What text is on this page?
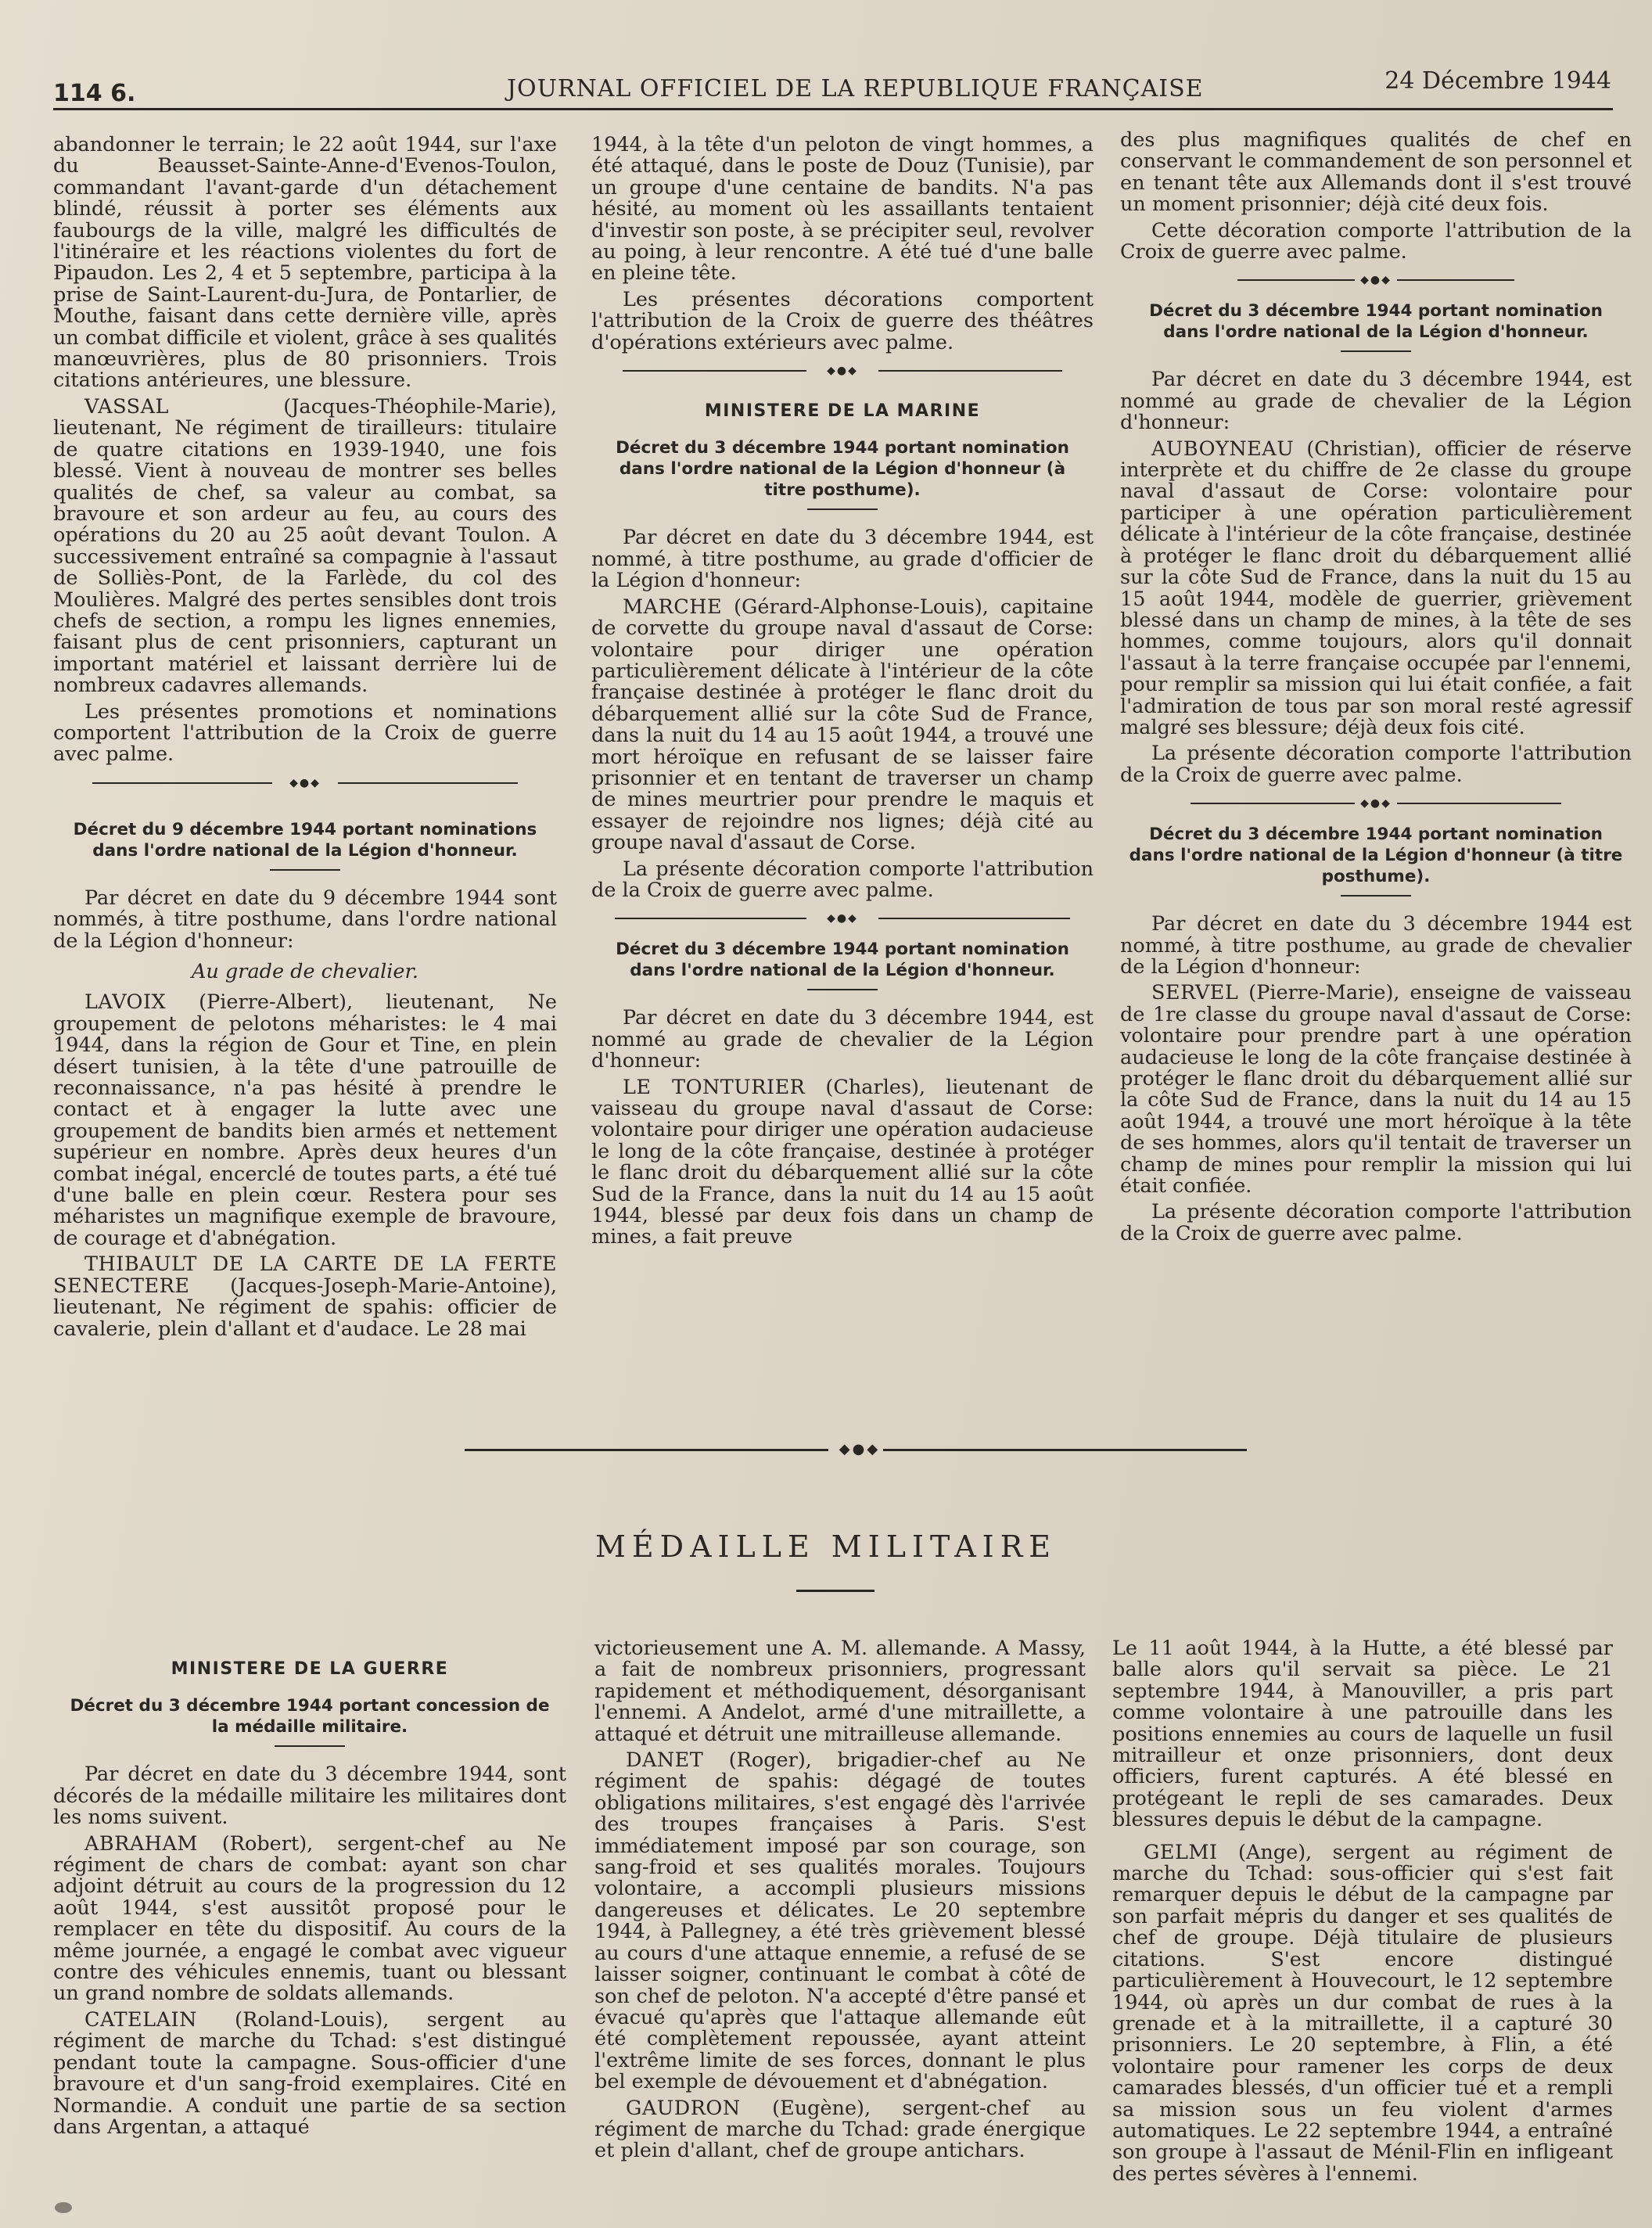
114 6.	JOURNAL OFFICIEL DE LA REPUBLIQUE FRANÇAISE	24 Décembre 1944

abandonner le terrain; le 22 août 1944, sur l'axe du Beausset-Sainte-Anne-d'Evenos-Toulon, commandant l'avant-garde d'un détachement blindé, réussit à porter ses éléments aux faubourgs de la ville, malgré les difficultés de l'itinéraire et les réactions violentes du fort de Pipaudon. Les 2, 4 et 5 septembre, participa à la prise de Saint-Laurent-du-Jura, de Pontarlier, de Mouthe, faisant dans cette dernière ville, après un combat difficile et violent, grâce à ses qualités manœuvrières, plus de 80 prisonniers. Trois citations antérieures, une blessure.

VASSAL	(Jacques-Théophile-Marie), lieutenant, Ne régiment de tirailleurs: titulaire de quatre citations en 1939-1940, une fois blessé. Vient à nouveau de montrer ses belles qualités de chef, sa valeur au combat, sa bravoure et son ardeur au feu, au cours des opérations du 20 au 25 août devant Toulon. A successivement entraîné sa compagnie à l'assaut de Solliès-Pont, de la Farlède, du col des Moulières. Malgré des pertes sensibles dont trois chefs de section, a rompu les lignes ennemies, faisant plus de cent prisonniers, capturant un important matériel et laissant derrière lui de nombreux cadavres allemands.

Les présentes promotions et nominations comportent l'attribution de la Croix de guerre avec palme.

◆●◆
Décret du 9 décembre 1944 portant nominations dans l'ordre national de la Légion d'honneur.

Par décret en date du 9 décembre 1944 sont nommés, à titre posthume, dans l'ordre national de la Légion d'honneur:

Au grade de chevalier.

LAVOIX (Pierre-Albert), lieutenant, Ne groupement de pelotons méharistes: le 4 mai 1944, dans la région de Gour et Tine, en plein désert tunisien, à la tête d'une patrouille de reconnaissance, n'a pas hésité à prendre le contact et à engager la lutte avec une groupement de bandits bien armés et nettement supérieur en nombre. Après deux heures d'un combat inégal, encerclé de toutes parts, a été tué d'une balle en plein cœur. Restera pour ses méharistes un magnifique exemple de bravoure, de courage et d'abnégation.

THIBAULT DE LA CARTE DE LA FERTE SENECTERE (Jacques-Joseph-Marie-Antoine), lieutenant, Ne régiment de spahis: officier de cavalerie, plein d'allant et d'audace. Le 28 mai

1944, à la tête d'un peloton de vingt hommes, a été attaqué, dans le poste de Douz (Tunisie), par un groupe d'une centaine de bandits. N'a pas hésité, au moment où les assaillants tentaient d'investir son poste, à se précipiter seul, revolver au poing, à leur rencontre. A été tué d'une balle en pleine tête.

Les présentes décorations comportent l'attribution de la Croix de guerre des théâtres d'opérations extérieurs avec palme.

◆●◆
MINISTERE DE LA MARINE
Décret du 3 décembre 1944 portant nomination dans l'ordre national de la Légion d'honneur (à titre posthume).

Par décret en date du 3 décembre 1944, est nommé, à titre posthume, au grade d'officier de la Légion d'honneur:

MARCHE (Gérard-Alphonse-Louis), capitaine de corvette du groupe naval d'assaut de Corse: volontaire pour diriger une opération particulièrement délicate à l'intérieur de la côte française destinée à protéger le flanc droit du débarquement allié sur la côte Sud de France, dans la nuit du 14 au 15 août 1944, a trouvé une mort héroïque en refusant de se laisser faire prisonnier et en tentant de traverser un champ de mines meurtrier pour prendre le maquis et essayer de rejoindre nos lignes; déjà cité au groupe naval d'assaut de Corse.

La présente décoration comporte l'attribution de la Croix de guerre avec palme.

◆●◆
Décret du 3 décembre 1944 portant nomination dans l'ordre national de la Légion d'honneur.

Par décret en date du 3 décembre 1944, est nommé au grade de chevalier de la Légion d'honneur:

LE TONTURIER (Charles), lieutenant de vaisseau du groupe naval d'assaut de Corse: volontaire pour diriger une opération audacieuse le long de la côte française, destinée à protéger le flanc droit du débarquement allié sur la côte Sud de la France, dans la nuit du 14 au 15 août 1944, blessé par deux fois dans un champ de mines, a fait preuve

des plus magnifiques qualités de chef en conservant le commandement de son personnel et en tenant tête aux Allemands dont il s'est trouvé un moment prisonnier; déjà cité deux fois.

Cette décoration comporte l'attribution de la Croix de guerre avec palme.

◆●◆
Décret du 3 décembre 1944 portant nomination dans l'ordre national de la Légion d'honneur.

Par décret en date du 3 décembre 1944, est nommé au grade de chevalier de la Légion d'honneur:

AUBOYNEAU (Christian), officier de réserve interprète et du chiffre de 2e classe du groupe naval d'assaut de Corse: volontaire pour participer à une opération particulièrement délicate à l'intérieur de la côte française, destinée à protéger le flanc droit du débarquement allié sur la côte Sud de France, dans la nuit du 15 au 15 août 1944, modèle de guerrier, grièvement blessé dans un champ de mines, à la tête de ses hommes, comme toujours, alors qu'il donnait l'assaut à la terre française occupée par l'ennemi, pour remplir sa mission qui lui était confiée, a fait l'admiration de tous par son moral resté agressif malgré ses blessure; déjà deux fois cité.

La présente décoration comporte l'attribution de la Croix de guerre avec palme.

◆●◆
Décret du 3 décembre 1944 portant nomination dans l'ordre national de la Légion d'honneur (à titre posthume).

Par décret en date du 3 décembre 1944 est nommé, à titre posthume, au grade de chevalier de la Légion d'honneur:

SERVEL (Pierre-Marie), enseigne de vaisseau de 1re classe du groupe naval d'assaut de Corse: volontaire pour prendre part à une opération audacieuse le long de la côte française destinée à protéger le flanc droit du débarquement allié sur la côte Sud de France, dans la nuit du 14 au 15 août 1944, a trouvé une mort héroïque à la tête de ses hommes, alors qu'il tentait de traverser un champ de mines pour remplir la mission qui lui était confiée.

La présente décoration comporte l'attribution de la Croix de guerre avec palme.

◆●◆
MÉDAILLE MILITAIRE
MINISTERE DE LA GUERRE
Décret du 3 décembre 1944 portant concession de la médaille militaire.

Par décret en date du 3 décembre 1944, sont décorés de la médaille militaire les militaires dont les noms suivent.

ABRAHAM (Robert), sergent-chef au Ne régiment de chars de combat: ayant son char adjoint détruit au cours de la progression du 12 août 1944, s'est aussitôt proposé pour le remplacer en tête du dispositif. Au cours de la même journée, a engagé le combat avec vigueur contre des véhicules ennemis, tuant ou blessant un grand nombre de soldats allemands.

CATELAIN (Roland-Louis), sergent au régiment de marche du Tchad: s'est distingué pendant toute la campagne. Sous-officier d'une bravoure et d'un sang-froid exemplaires. Cité en Normandie. A conduit une partie de sa section dans Argentan, a attaqué

victorieusement une A. M. allemande. A Massy, a fait de nombreux prisonniers, progressant rapidement et méthodiquement, désorganisant l'ennemi. A Andelot, armé d'une mitraillette, a attaqué et détruit une mitrailleuse allemande.

DANET (Roger), brigadier-chef au Ne régiment de spahis: dégagé de toutes obligations militaires, s'est engagé dès l'arrivée des troupes françaises à Paris. S'est immédiatement imposé par son courage, son sang-froid et ses qualités morales. Toujours volontaire, a accompli plusieurs missions dangereuses et délicates. Le 20 septembre 1944, à Pallegney, a été très grièvement blessé au cours d'une attaque ennemie, a refusé de se laisser soigner, continuant le combat à côté de son chef de peloton. N'a accepté d'être pansé et évacué qu'après que l'attaque allemande eût été complètement repoussée, ayant atteint l'extrême limite de ses forces, donnant le plus bel exemple de dévouement et d'abnégation.

GAUDRON (Eugène), sergent-chef au régiment de marche du Tchad: grade énergique et plein d'allant, chef de groupe antichars.

Le 11 août 1944, à la Hutte, a été blessé par balle alors qu'il servait sa pièce. Le 21 septembre 1944, à Manouviller, a pris part comme volontaire à une patrouille dans les positions ennemies au cours de laquelle un fusil mitrailleur et onze prisonniers, dont deux officiers, furent capturés. A été blessé en protégeant le repli de ses camarades. Deux blessures depuis le début de la campagne.

GELMI (Ange), sergent au régiment de marche du Tchad: sous-officier qui s'est fait remarquer depuis le début de la campagne par son parfait mépris du danger et ses qualités de chef de groupe. Déjà titulaire de plusieurs citations. S'est encore distingué particulièrement à Houvecourt, le 12 septembre 1944, où après un dur combat de rues à la grenade et à la mitraillette, il a capturé 30 prisonniers. Le 20 septembre, à Flin, a été volontaire pour ramener les corps de deux camarades blessés, d'un officier tué et a rempli sa mission sous un feu violent d'armes automatiques. Le 22 septembre 1944, a entraîné son groupe à l'assaut de Ménil-Flin en infligeant des pertes sévères à l'ennemi.
